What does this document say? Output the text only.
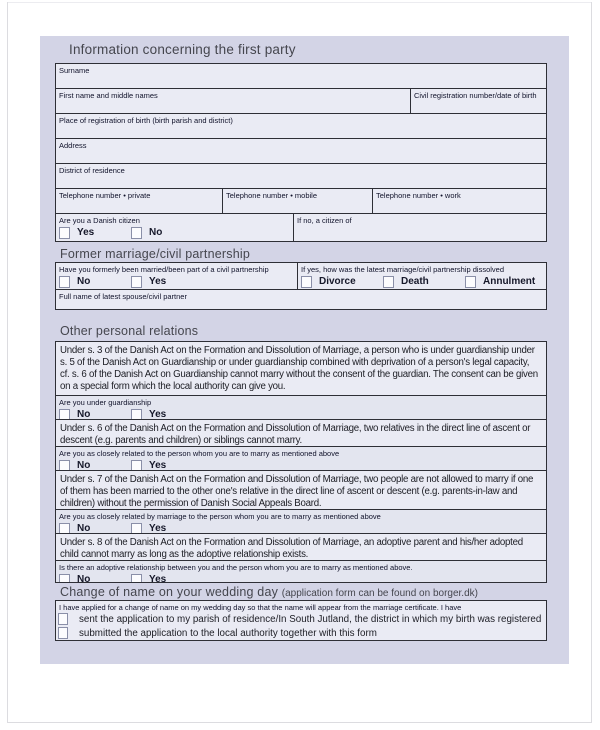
Information concerning the first party
Surname
First name and middle names	Civil registration number/date of birth
Place of registration of birth (birth parish and district)
Address
District of residence
Telephone number • private	Telephone number • mobile	Telephone number • work
Are you a Danish citizen
Yes	No
If no, a citizen of
Former marriage/civil partnership
Have you formerly been married/been part of a civil partnership
No	Yes
If yes, how was the latest marriage/civil partnership dissolved
Divorce	Death	Annulment
Full name of latest spouse/civil partner
Other personal relations
Under s. 3 of the Danish Act on the Formation and Dissolution of Marriage, a person who is under guardianship under s. 5 of the Danish Act on Guardianship or under guardianship combined with deprivation of a person's legal capacity, cf. s. 6 of the Danish Act on Guardianship cannot marry without the consent of the guardian. The consent can be given on a special form which the local authority can give you.
Are you under guardianship
No	Yes
Under s. 6 of the Danish Act on the Formation and Dissolution of Marriage, two relatives in the direct line of ascent or descent (e.g. parents and children) or siblings cannot marry.
Are you as closely related to the person whom you are to marry as mentioned above
No	Yes
Under s. 7 of the Danish Act on the Formation and Dissolution of Marriage, two people are not allowed to marry if one of them has been married to the other one's relative in the direct line of ascent or descent (e.g. parents-in-law and children) without the permission of Danish Social Appeals Board.
Are you as closely related by marriage to the person whom you are to marry as mentioned above
No	Yes
Under s. 8 of the Danish Act on the Formation and Dissolution of Marriage, an adoptive parent and his/her adopted child cannot marry as long as the adoptive relationship exists.
Is there an adoptive relationship between you and the person whom you are to marry as mentioned above.
No	Yes
Change of name on your wedding day (application form can be found on borger.dk)
I have applied for a change of name on my wedding day so that the name will appear from the marriage certificate. I have
sent the application to my parish of residence/In South Jutland, the district in which my birth was registered
submitted the application to the local authority together with this form
